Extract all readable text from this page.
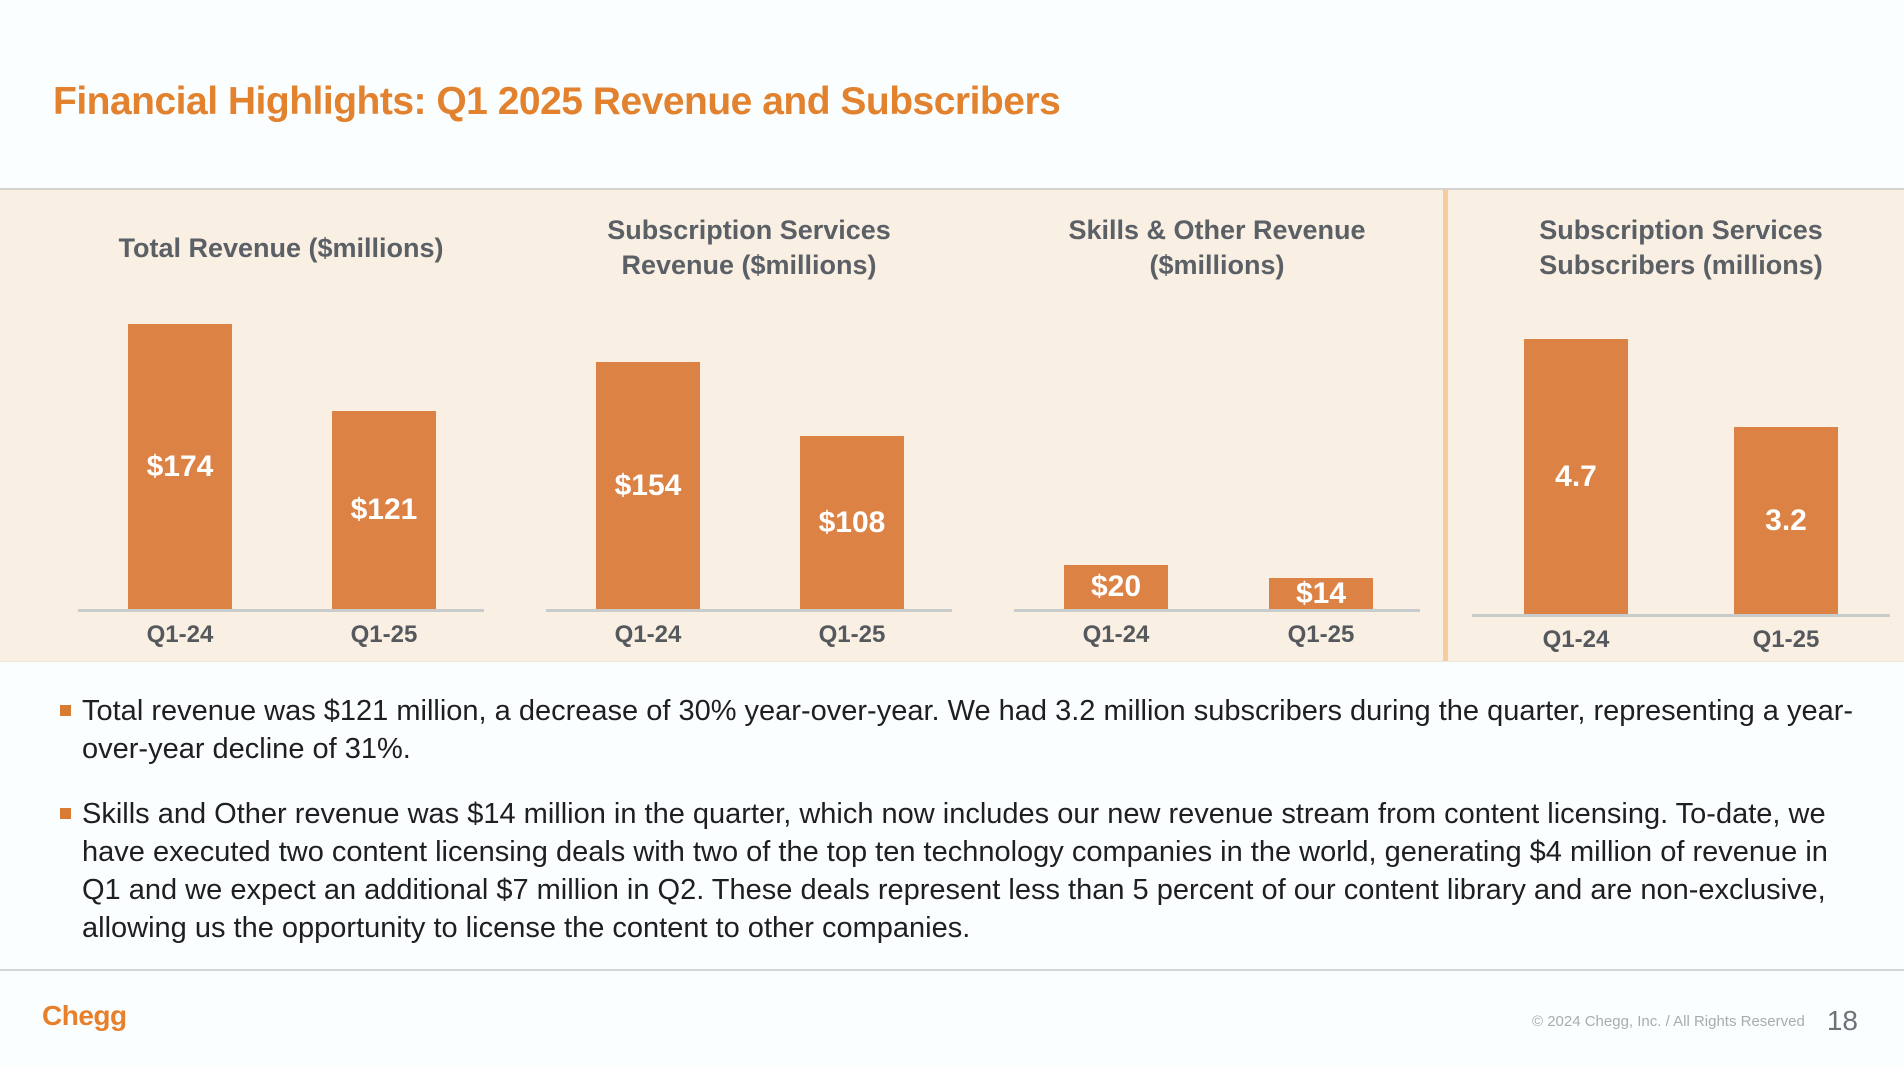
Financial Highlights: Q1 2025 Revenue and Subscribers
Total Revenue ($millions)
$174
Q1-24
$121
Q1-25
Subscription Services
Revenue ($millions)
$154
Q1-24
$108
Q1-25
Skills & Other Revenue
($millions)
$20
Q1-24
$14
Q1-25
Subscription Services
Subscribers (millions)
4.7
Q1-24
3.2
Q1-25
Total revenue was $121 million, a decrease of 30% year-over-year. We had 3.2 million subscribers during the quarter, representing a year-over-year decline of 31%.
Skills and Other revenue was $14 million in the quarter, which now includes our new revenue stream from content licensing. To-date, we have executed two content licensing deals with two of the top ten technology companies in the world, generating $4 million of revenue in Q1 and we expect an additional $7 million in Q2. These deals represent less than 5 percent of our content library and are non-exclusive, allowing us the opportunity to license the content to other companies.
Chegg	© 2024 Chegg, Inc. / All Rights Reserved 18
